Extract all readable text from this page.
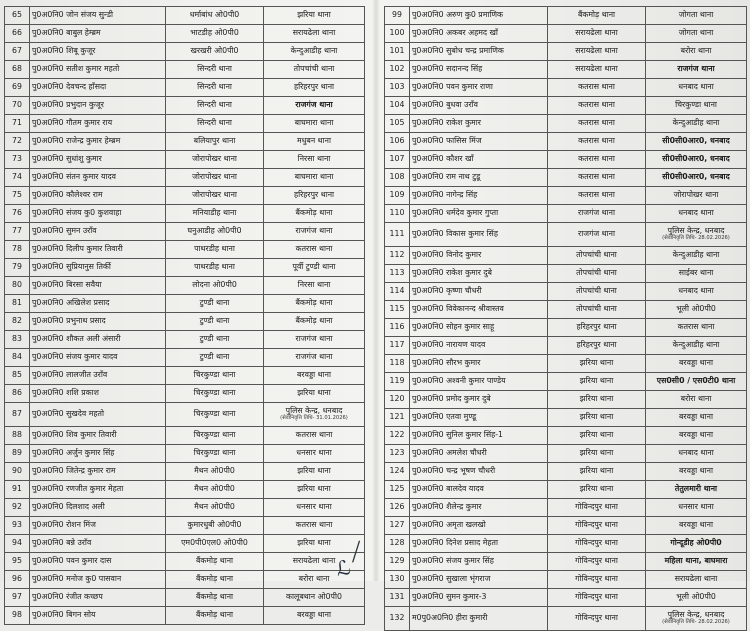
65	पु0अ0नि0 जोन संजय सुन्डी	धर्माबांध ओ0पी0	झरिया थाना
66	पु0अ0नि0 बाबुल हेम्ब्रम	भाटडीह ओ0पी0	सरायढेला थाना
67	पु0अ0नि0 शिबू कुजूर	खरखरी ओ0पी0	केन्दुआडीह थाना
68	पु0अ0नि0 सतीश कुमार महतो	सिन्दरी थाना	तोपचांची थाना
69	पु0अ0नि0 देवचन्द हाँसदा	सिन्दरी थाना	हरिहरपुर थाना
70	पु0अ0नि0 प्रभुदान कुजूर	सिन्दरी थाना	राजगंज थाना
71	पु0अ0नि0 गौतम कुमार राय	सिन्दरी थाना	बाघमारा थाना
72	पु0अ0नि0 राजेन्द्र कुमार हेम्ब्रम	बलियापुर थाना	मधुबन थाना
73	पु0अ0नि0 सुधांशु कुमार	जोरापोखर थाना	निरसा थाना
74	पु0अ0नि0 संतन कुमार यादव	जोरापोखर थाना	बाघमारा थाना
75	पु0अ0नि0 कौलेश्वर राम	जोरापोखर थाना	हरिहरपुर थाना
76	पु0अ0नि0 संजय कु0 कुशवाहा	मनियाडीह थाना	बैंकमोड़ थाना
77	पु0अ0नि0 सुमन उराँव	घनुआडीह ओ0पी0	राजगंज थाना
78	पु0अ0नि0 दिलीप कुमार तिवारी	पाथरडीह थाना	कतरास थाना
79	पु0अ0नि0 सुप्रियानुस तिर्की	पाथरडीह थाना	पूर्वी टुण्डी थाना
80	पु0अ0नि0 बिरसा सवैया	लोदना ओ0पी0	निरसा थाना
81	पु0अ0नि0 अखिलेश प्रसाद	टुण्डी थाना	बैंकमोड़ थाना
82	पु0अ0नि0 प्रभुनाथ प्रसाद	टुण्डी थाना	बैंकमोड़ थाना
83	पु0अ0नि0 शौकत अली अंसारी	टुण्डी थाना	राजगंज थाना
84	पु0अ0नि0 संजय कुमार यादव	टुण्डी थाना	राजगंज थाना
85	पु0अ0नि0 लालजीत उराँव	चिरकुण्डा थाना	बरवड्डा थाना
86	पु0अ0नि0 शशि प्रकाश	चिरकुण्डा थाना	झरिया थाना
87	पु0अ0नि0 सुखदेव महतो	चिरकुण्डा थाना	पुलिस केन्द्र, धनबाद
(सेवानिवृत्ति तिथि- 31.01.2026)

88	पु0अ0नि0 शिव कुमार तिवारी	चिरकुण्डा थाना	कतरास थाना
89	पु0अ0नि0 अर्जुन कुमार सिंह	चिरकुण्डा थाना	धनसार थाना
90	पु0अ0नि0 जितेन्द्र कुमार राम	मैथन ओ0पी0	झरिया थाना
91	पु0अ0नि0 रणजीत कुमार मेहता	मैथन ओ0पी0	झरिया थाना
92	पु0अ0नि0 दिलशाद अली	मैथन ओ0पी0	धनसार थाना
93	पु0अ0नि0 रोशन मिंज	कुमारधुबी ओ0पी0	कतरास थाना
94	पु0अ0नि0 बन्ने उराँव	एम0पी0एल0 ओ0पी0	झरिया थाना
95	पु0अ0नि0 पवन कुमार दास	बैंकमोड़ थाना	सरायढेला थाना
96	पु0अ0नि0 मनोज कु0 पासवान	बैंकमोड़ थाना	बरोरा थाना
97	पु0अ0नि0 रंजीत कच्छप	बैंकमोड़ थाना	कालूबथान ओ0पी0
98	पु0अ0नि0 बिगन सोय	बैंकमोड़ थाना	बरवड्डा थाना
99	पु0अ0नि0 अरुण कु0 प्रमाणिक	बैंकमोड़ थाना	जोगता थाना
100	पु0अ0नि0 अकबर अहमद खाँ	सरायढेला थाना	जोगता थाना
101	पु0अ0नि0 सुबोध चन्द्र प्रमाणिक	सरायढेला थाना	बरोरा थाना
102	पु0अ0नि0 सदानन्द सिंह	सरायढेला थाना	राजगंज थाना
103	पु0अ0नि0 पवन कुमार राणा	कतरास थाना	धनबाद थाना
104	पु0अ0नि0 बुधवा उराँव	कतरास थाना	चिरकुण्डा थाना
105	पु0अ0नि0 राकेश कुमार	कतरास थाना	केन्दुआडीह थाना
106	पु0अ0नि0 फासिस मिंज	कतरास थाना	सी0सी0आर0, धनबाद
107	पु0अ0नि0 कौशर खाँ	कतरास थाना	सी0सी0आर0, धनबाद
108	पु0अ0नि0 राम नाथ टुडू	कतरास थाना	सी0सी0आर0, धनबाद
109	पु0अ0नि0 नागेन्द्र सिंह	कतरास थाना	जोरापोखर थाना
110	पु0अ0नि0 धर्मदेव कुमार गुप्ता	राजगंज थाना	धनबाद थाना
111	पु0अ0नि0 विकास कुमार सिंह	राजगंज थाना	पुलिस केन्द्र, धनबाद
(सेवानिवृत्ति तिथि- 28.02.2026)

112	पु0अ0नि0 विनोद कुमार	तोपचांची थाना	केन्दुआडीह थाना
113	पु0अ0नि0 राकेश कुमार दुबे	तोपचांची थाना	साईबर थाना
114	पु0अ0नि0 कृष्णा चौधरी	तोपचांची थाना	धनबाद थाना
115	पु0अ0नि0 विवेकानन्द श्रीवास्तव	तोपचांची थाना	भूली ओ0पी0
116	पु0अ0नि0 सोहन कुमार साहू	हरिहरपुर थाना	कतरास थाना
117	पु0अ0नि0 नारायण यादव	हरिहरपुर थाना	केन्दुआडीह थाना
118	पु0अ0नि0 सौरभ कुमार	झरिया थाना	बरवड्डा थाना
119	पु0अ0नि0 अश्वनी कुमार पाण्डेय	झरिया थाना	एस0सी0 / एस0टी0 थाना
120	पु0अ0नि0 प्रमोद कुमार दुबे	झरिया थाना	बरोरा थाना
121	पु0अ0नि0 एतवा मुण्डू	झरिया थाना	बरवड्डा थाना
122	पु0अ0नि0 सुनिल कुमार सिंह-1	झरिया थाना	बरवड्डा थाना
123	पु0अ0नि0 अमलेश चौधरी	झरिया थाना	धनबाद थाना
124	पु0अ0नि0 चन्द्र भूषण चौधरी	झरिया थाना	बरवड्डा थाना
125	पु0अ0नि0 बालदेव यादव	झरिया थाना	तेतुलमारी थाना
126	पु0अ0नि0 शैलेन्द्र कुमार	गोविन्दपुर थाना	धनसार थाना
127	पु0अ0नि0 अमृता खलखो	गोविन्दपुर थाना	बरवड्डा थाना
128	पु0अ0नि0 दिनेश प्रसाद मेहता	गोविन्दपुर थाना	गोन्दूडीह ओ0पी0
129	पु0अ0नि0 संजय कुमार सिंह	गोविन्दपुर थाना	महिला थाना, बाघमारा
130	पु0अ0नि0 सुखाला भृंगराज	गोविन्दपुर थाना	सरायढेला थाना
131	पु0अ0नि0 सुमन कुमार-3	गोविन्दपुर थाना	भूली ओ0पी0
132	म0पु0अ0नि0 हीरा कुमारी	गोविन्दपुर थाना	पुलिस केन्द्र, धनबाद
(सेवानिवृत्ति तिथि- 28.02.2026)
ℒ
⧸
